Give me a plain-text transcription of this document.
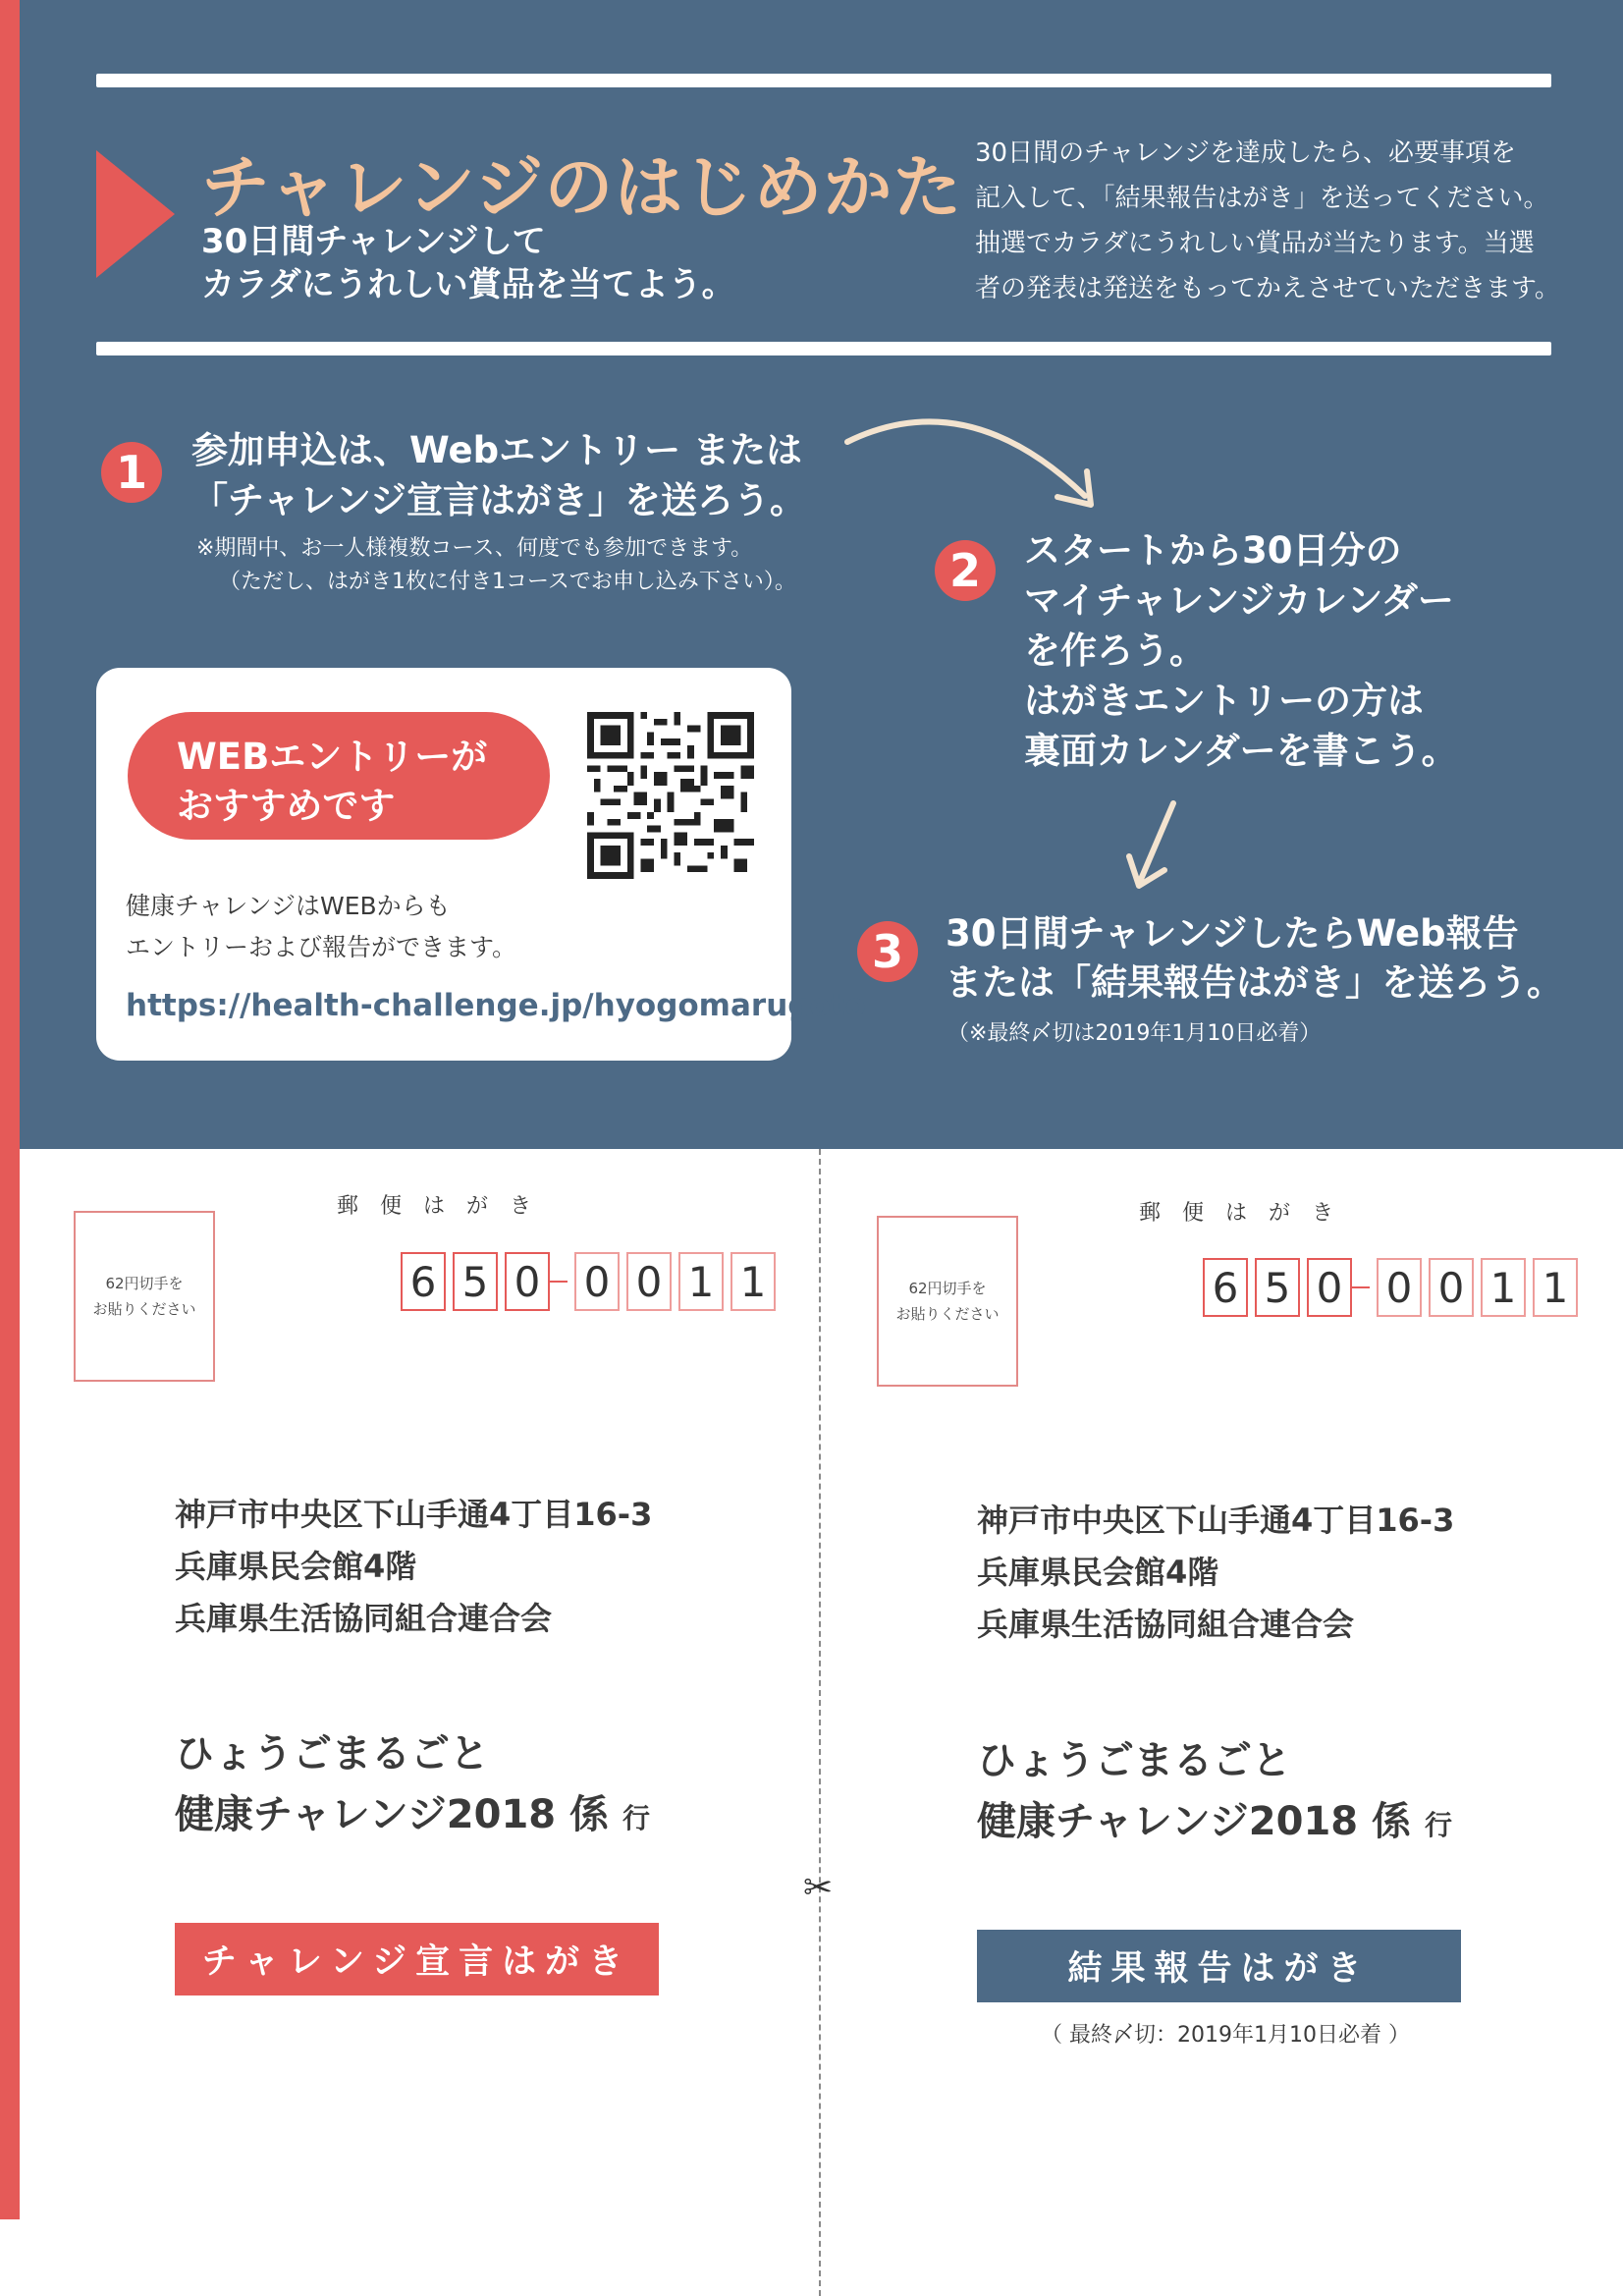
チャレンジのはじめかた
30日間チャレンジして
カラダにうれしい賞品を当てよう。
30日間のチャレンジを達成したら、必要事項を
記入して、「結果報告はがき」を送ってください。
抽選でカラダにうれしい賞品が当たります。当選
者の発表は発送をもってかえさせていただきます。
1	参加申込は、Webエントリー または
「チャレンジ宣言はがき」を送ろう。
※期間中、お一人様複数コース、何度でも参加できます。
（ただし、はがき1枚に付き1コースでお申し込み下さい）。	2	スタートから30日分の
マイチャレンジカレンダー
を作ろう。
はがきエントリーの方は
裏面カレンダーを書こう。
3	30日間チャレンジしたらWeb報告
または「結果報告はがき」を送ろう。
（※最終〆切は2019年1月10日必着）
WEBエントリーが
おすすめです
健康チャレンジはWEBからも
エントリーおよび報告ができます。
https://health-challenge.jp/hyogomarugoto
✂
62円切手を
お貼りください
郵便はがき
6 5 0 0 0 1 1
神戸市中央区下山手通4丁目16-3
兵庫県民会館4階
兵庫県生活協同組合連合会
ひょうごまるごと
健康チャレンジ2018 係 行
チャレンジ宣言はがき
62円切手を
お貼りください
郵便はがき
6 5 0 0 0 1 1
神戸市中央区下山手通4丁目16-3
兵庫県民会館4階
兵庫県生活協同組合連合会
ひょうごまるごと
健康チャレンジ2018 係 行
結果報告はがき
（ 最終〆切：2019年1月10日必着 ）
